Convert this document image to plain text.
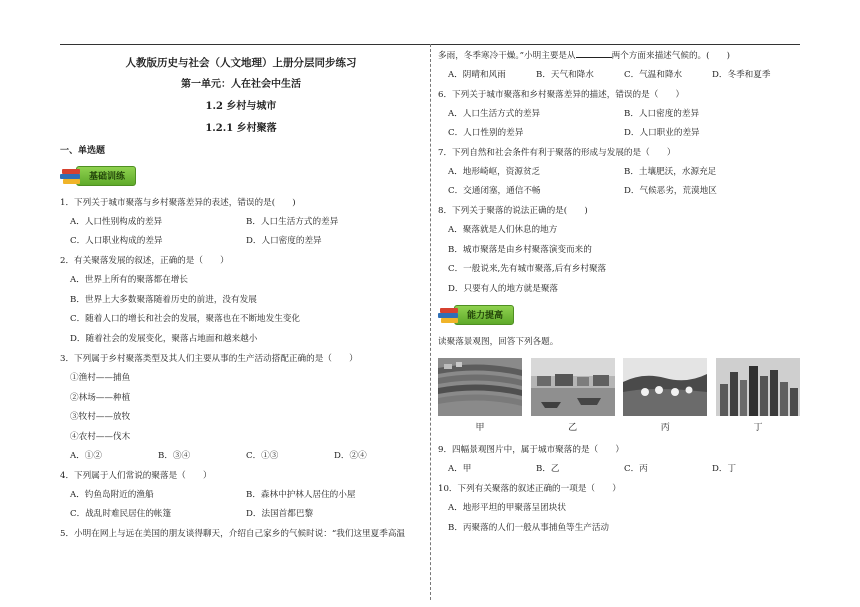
人教版历史与社会（人文地理）上册分层同步练习
第一单元：人在社会中生活
1.2 乡村与城市
1.2.1 乡村聚落
一、单选题
基础训练
1．下列关于城市聚落与乡村聚落差异的表述，错误的是(　　)
A．人口性别构成的差异	B．人口生活方式的差异
C．人口职业构成的差异	D．人口密度的差异
2．有关聚落发展的叙述，正确的是（　　）
A．世界上所有的聚落都在增长
B．世界上大多数聚落随着历史的前进，没有发展
C．随着人口的增长和社会的发展，聚落也在不断地发生变化
D．随着社会的发展变化，聚落占地面和越来越小
3．下列属于乡村聚落类型及其人们主要从事的生产活动搭配正确的是（　　）
①渔村——捕鱼
②林场——种植
③牧村——放牧
④农村——伐木
A．①②	B．③④	C．①③	D．②④
4．下列属于人们常说的聚落是（　　）
A．钓鱼岛附近的渔船	B．森林中护林人居住的小屋
C．战乱时难民居住的帐篷	D．法国首都巴黎
5．小明在网上与远在美国的朋友谈得聊天，介绍自己家乡的气候时说：“我们这里夏季高温
多雨，冬季寒冷干燥。”小明主要是从	两个方面来描述气候的。(　　)
A．阴晴和风雨	B．天气和降水	C．气温和降水	D．冬季和夏季
6．下列关于城市聚落和乡村聚落差异的描述，错误的是（　　）
A．人口生活方式的差异	B．人口密度的差异
C．人口性别的差异	D．人口职业的差异
7．下列自然和社会条件有利于聚落的形成与发展的是（　　）
A．地形崎岖，资源贫乏	B．土壤肥沃，水源充足
C．交通闭塞，通信不畅	D．气候恶劣，荒漠地区
8．下列关于聚落的说法正确的是(　　)
A．聚落就是人们休息的地方
B．城市聚落是由乡村聚落演变而来的
C．一般说来,先有城市聚落,后有乡村聚落
D．只要有人的地方就是聚落
能力提高
读聚落景观图，回答下列各题。
甲	乙	丙	丁
9．四幅景观图片中，属于城市聚落的是（　　）
A．甲	B．乙	C．丙	D．丁
10．下列有关聚落的叙述正确的一项是（　　）
A．地形平坦的甲聚落呈团块状
B．丙聚落的人们一般从事捕鱼等生产活动
